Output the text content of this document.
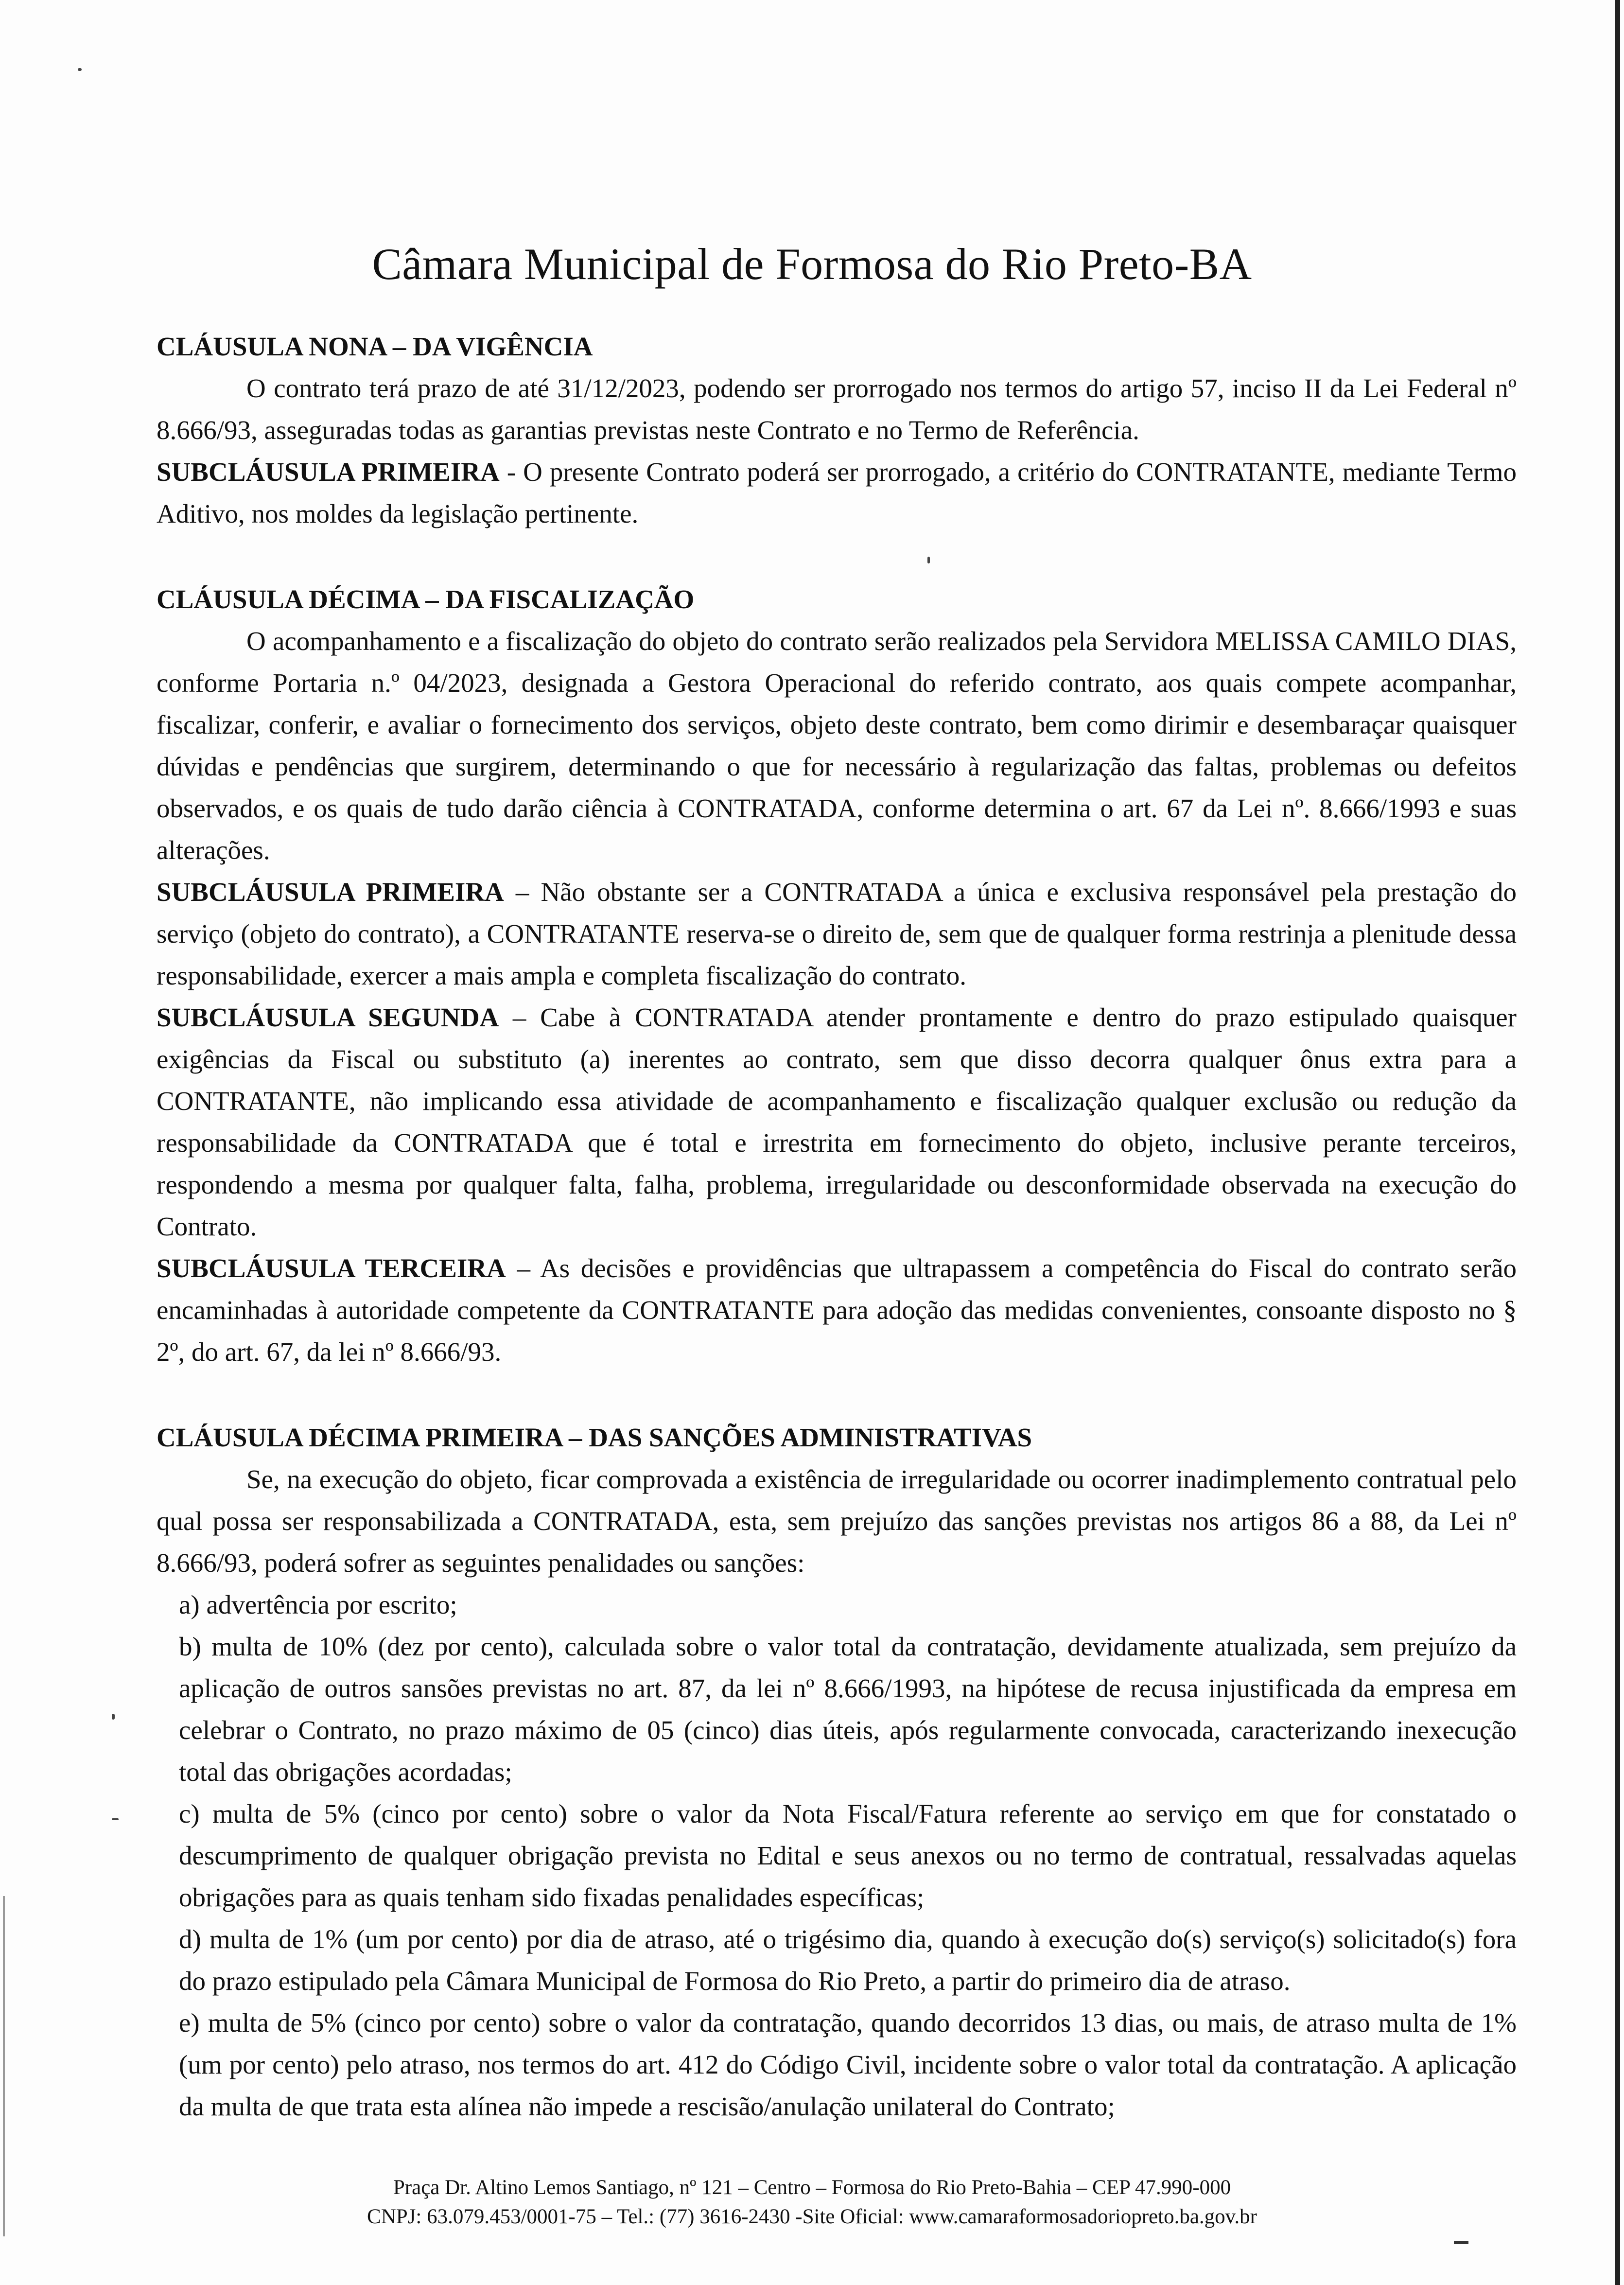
Câmara Municipal de Formosa do Rio Preto-BA

CLÁUSULA NONA – DA VIGÊNCIA

O contrato terá prazo de até 31/12/2023, podendo ser prorrogado nos termos do artigo 57, inciso II da Lei Federal nº 8.666/93, asseguradas todas as garantias previstas neste Contrato e no Termo de Referência.

SUBCLÁUSULA PRIMEIRA - O presente Contrato poderá ser prorrogado, a critério do CONTRATANTE, mediante Termo Aditivo, nos moldes da legislação pertinente.

CLÁUSULA DÉCIMA – DA FISCALIZAÇÃO

O acompanhamento e a fiscalização do objeto do contrato serão realizados pela Servidora MELISSA CAMILO DIAS, conforme Portaria n.º 04/2023, designada a Gestora Operacional do referido contrato, aos quais compete acompanhar, fiscalizar, conferir, e avaliar o fornecimento dos serviços, objeto deste contrato, bem como dirimir e desembaraçar quaisquer dúvidas e pendências que surgirem, determinando o que for necessário à regularização das faltas, problemas ou defeitos observados, e os quais de tudo darão ciência à CONTRATADA, conforme determina o art. 67 da Lei nº. 8.666/1993 e suas alterações.

SUBCLÁUSULA PRIMEIRA – Não obstante ser a CONTRATADA a única e exclusiva responsável pela prestação do serviço (objeto do contrato), a CONTRATANTE reserva-se o direito de, sem que de qualquer forma restrinja a plenitude dessa responsabilidade, exercer a mais ampla e completa fiscalização do contrato.

SUBCLÁUSULA SEGUNDA – Cabe à CONTRATADA atender prontamente e dentro do prazo estipulado quaisquer exigências da Fiscal ou substituto (a) inerentes ao contrato, sem que disso decorra qualquer ônus extra para a CONTRATANTE, não implicando essa atividade de acompanhamento e fiscalização qualquer exclusão ou redução da responsabilidade da CONTRATADA que é total e irrestrita em fornecimento do objeto, inclusive perante terceiros, respondendo a mesma por qualquer falta, falha, problema, irregularidade ou desconformidade observada na execução do Contrato.

SUBCLÁUSULA TERCEIRA – As decisões e providências que ultrapassem a competência do Fiscal do contrato serão encaminhadas à autoridade competente da CONTRATANTE para adoção das medidas convenientes, consoante disposto no § 2º, do art. 67, da lei nº 8.666/93.

CLÁUSULA DÉCIMA PRIMEIRA – DAS SANÇÕES ADMINISTRATIVAS

Se, na execução do objeto, ficar comprovada a existência de irregularidade ou ocorrer inadimplemento contratual pelo qual possa ser responsabilizada a CONTRATADA, esta, sem prejuízo das sanções previstas nos artigos 86 a 88, da Lei nº 8.666/93, poderá sofrer as seguintes penalidades ou sanções:

a) advertência por escrito;

b) multa de 10% (dez por cento), calculada sobre o valor total da contratação, devidamente atualizada, sem prejuízo da aplicação de outros sansões previstas no art. 87, da lei nº 8.666/1993, na hipótese de recusa injustificada da empresa em celebrar o Contrato, no prazo máximo de 05 (cinco) dias úteis, após regularmente convocada, caracterizando inexecução total das obrigações acordadas;

c) multa de 5% (cinco por cento) sobre o valor da Nota Fiscal/Fatura referente ao serviço em que for constatado o descumprimento de qualquer obrigação prevista no Edital e seus anexos ou no termo de contratual, ressalvadas aquelas obrigações para as quais tenham sido fixadas penalidades específicas;

d) multa de 1% (um por cento) por dia de atraso, até o trigésimo dia, quando à execução do(s) serviço(s) solicitado(s) fora do prazo estipulado pela Câmara Municipal de Formosa do Rio Preto, a partir do primeiro dia de atraso.

e) multa de 5% (cinco por cento) sobre o valor da contratação, quando decorridos 13 dias, ou mais, de atraso multa de 1% (um por cento) pelo atraso, nos termos do art. 412 do Código Civil, incidente sobre o valor total da contratação. A aplicação da multa de que trata esta alínea não impede a rescisão/anulação unilateral do Contrato;

Praça Dr. Altino Lemos Santiago, nº 121 – Centro – Formosa do Rio Preto-Bahia – CEP 47.990-000
CNPJ: 63.079.453/0001-75 – Tel.: (77) 3616-2430 -Site Oficial: www.camaraformosadoriopreto.ba.gov.br
